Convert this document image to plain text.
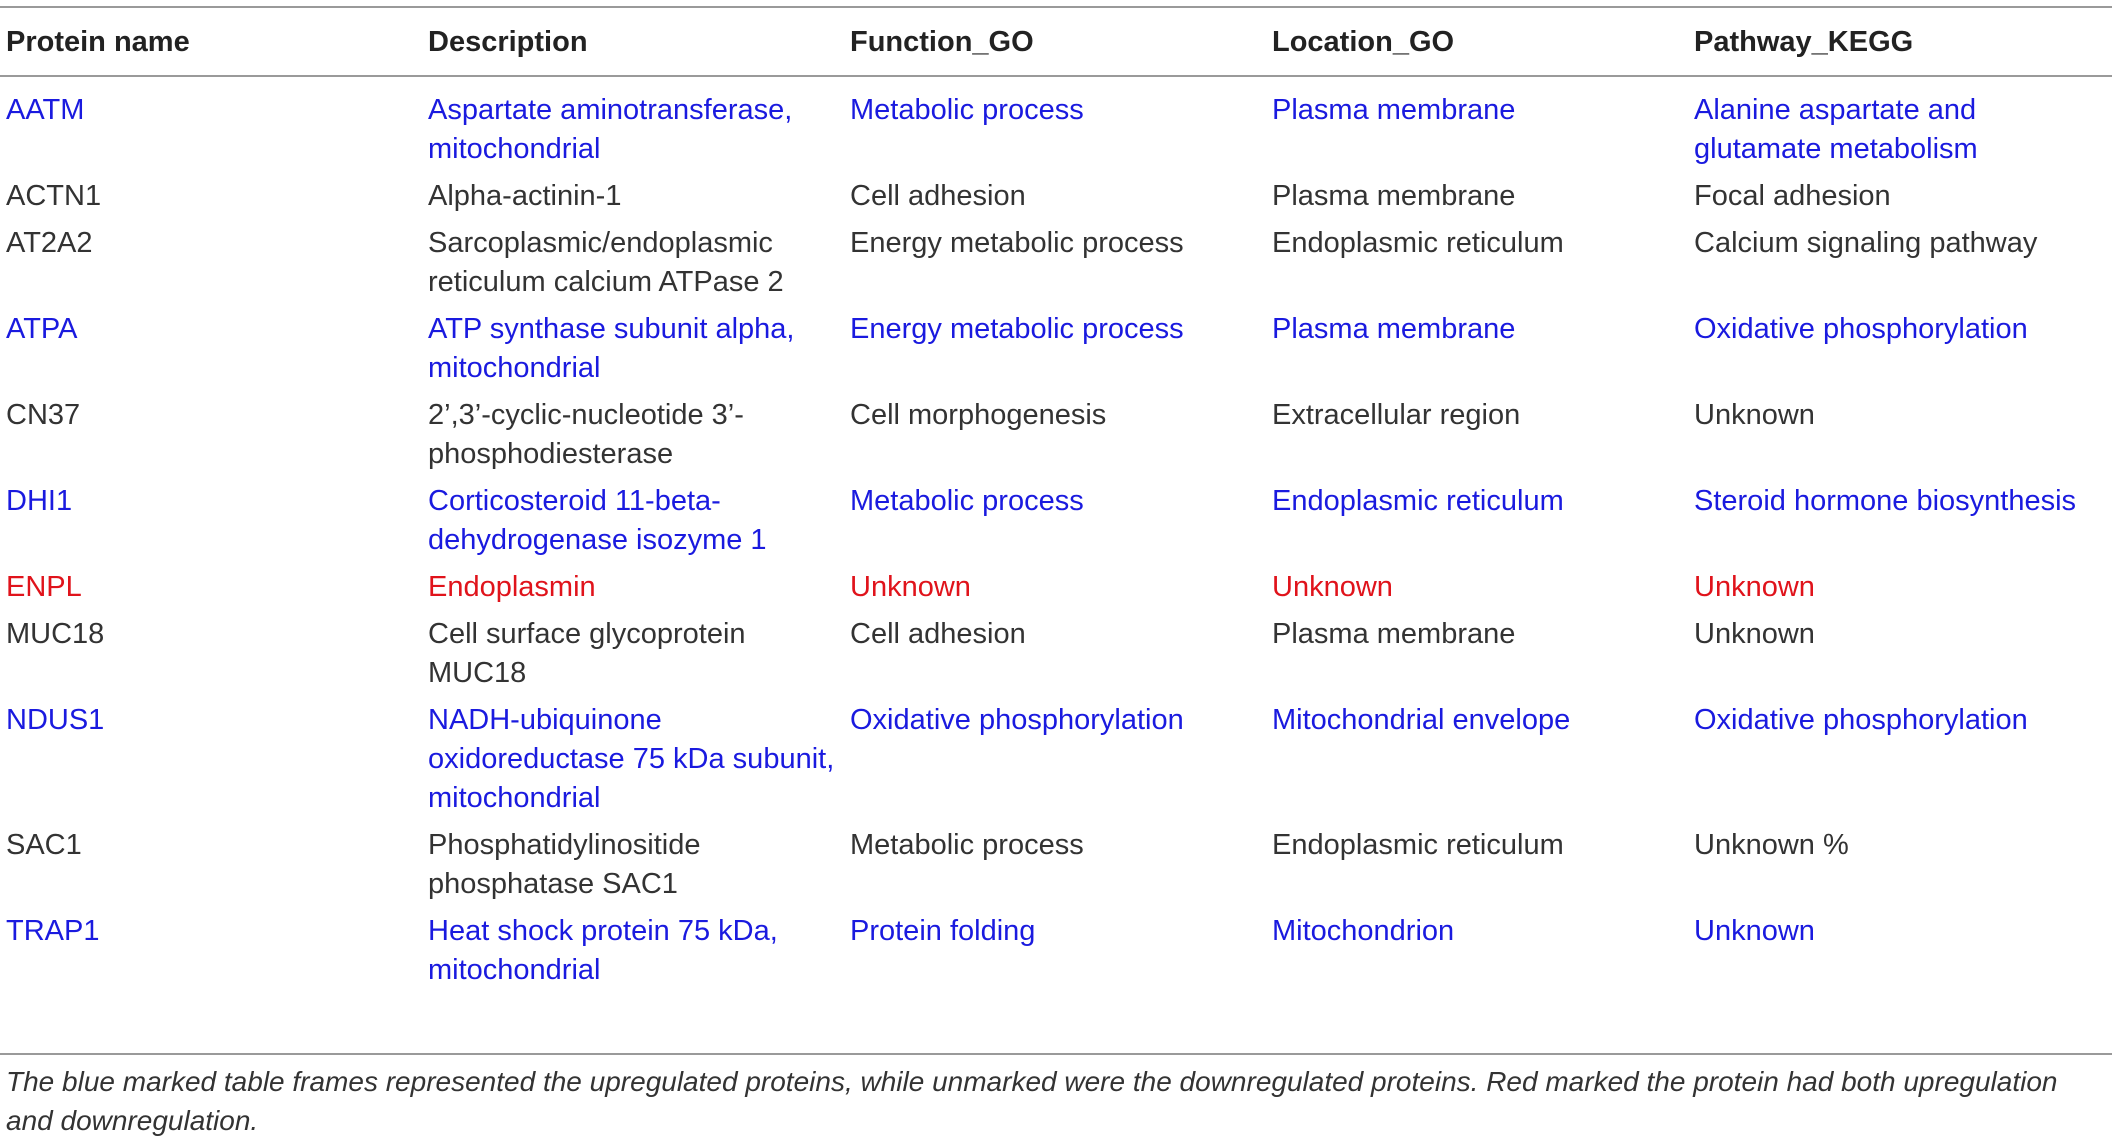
Protein name	Description	Function_GO	Location_GO	Pathway_KEGG
AATM	Aspartate aminotransferase, mitochondrial	Metabolic process	Plasma membrane	Alanine aspartate and glutamate metabolism
ACTN1	Alpha-actinin-1	Cell adhesion	Plasma membrane	Focal adhesion
AT2A2	Sarcoplasmic/endoplasmic reticulum calcium ATPase 2	Energy metabolic process	Endoplasmic reticulum	Calcium signaling pathway
ATPA	ATP synthase subunit alpha, mitochondrial	Energy metabolic process	Plasma membrane	Oxidative phosphorylation
CN37	2’,3’-cyclic-nucleotide 3’-phosphodiesterase	Cell morphogenesis	Extracellular region	Unknown
DHI1	Corticosteroid 11-beta-dehydrogenase isozyme 1	Metabolic process	Endoplasmic reticulum	Steroid hormone biosynthesis
ENPL	Endoplasmin	Unknown	Unknown	Unknown
MUC18	Cell surface glycoprotein MUC18	Cell adhesion	Plasma membrane	Unknown
NDUS1	NADH-ubiquinone oxidoreductase 75 kDa subunit, mitochondrial	Oxidative phosphorylation	Mitochondrial envelope	Oxidative phosphorylation
SAC1	Phosphatidylinositide phosphatase SAC1	Metabolic process	Endoplasmic reticulum	Unknown %
TRAP1	Heat shock protein 75 kDa, mitochondrial	Protein folding	Mitochondrion	Unknown
The blue marked table frames represented the upregulated proteins, while unmarked were the downregulated proteins. Red marked the protein had both upregulation and downregulation.
